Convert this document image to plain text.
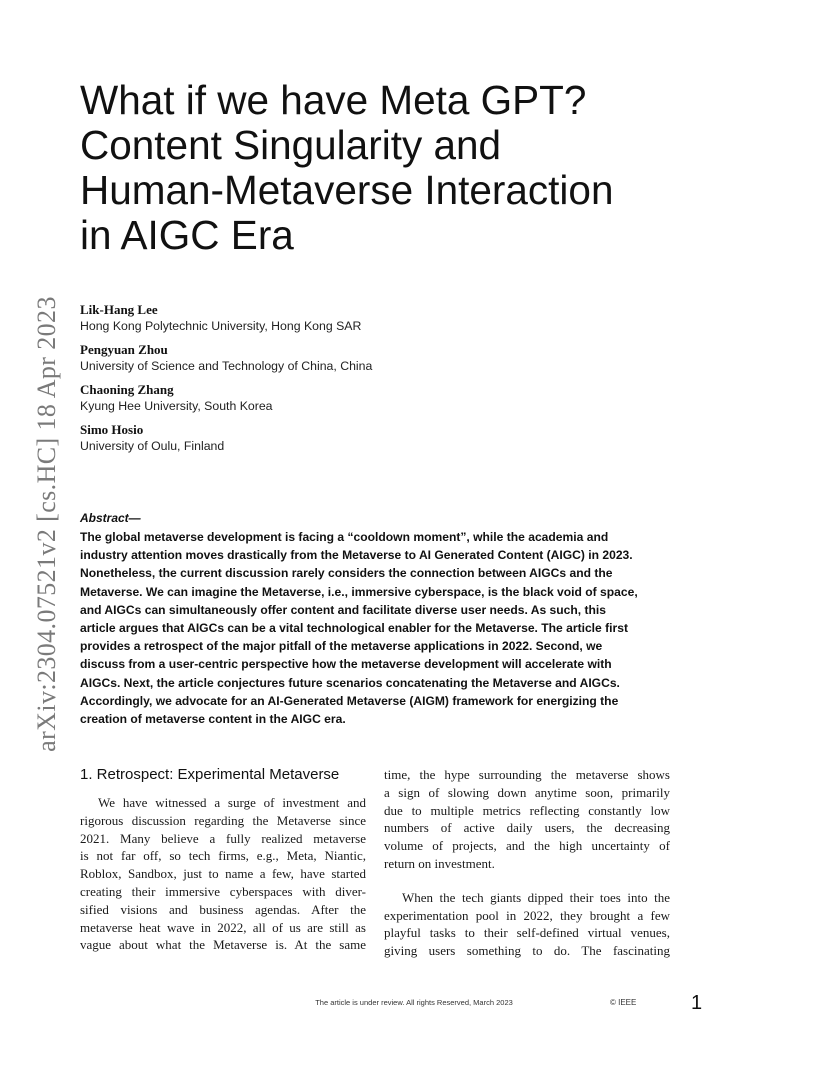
arXiv:2304.07521v2 [cs.HC] 18 Apr 2023
What if we have Meta GPT?
Content Singularity and
Human-Metaverse Interaction
in AIGC Era
Lik-Hang Lee
Hong Kong Polytechnic University, Hong Kong SAR
Pengyuan Zhou
University of Science and Technology of China, China
Chaoning Zhang
Kyung Hee University, South Korea
Simo Hosio
University of Oulu, Finland
Abstract—
The global metaverse development is facing a “cooldown moment”, while the academia and
industry attention moves drastically from the Metaverse to AI Generated Content (AIGC) in 2023.
Nonetheless, the current discussion rarely considers the connection between AIGCs and the
Metaverse. We can imagine the Metaverse, i.e., immersive cyberspace, is the black void of space,
and AIGCs can simultaneously offer content and facilitate diverse user needs. As such, this
article argues that AIGCs can be a vital technological enabler for the Metaverse. The article first
provides a retrospect of the major pitfall of the metaverse applications in 2022. Second, we
discuss from a user-centric perspective how the metaverse development will accelerate with
AIGCs. Next, the article conjectures future scenarios concatenating the Metaverse and AIGCs.
Accordingly, we advocate for an AI-Generated Metaverse (AIGM) framework for energizing the
creation of metaverse content in the AIGC era.
1. Retrospect: Experimental Metaverse
We have witnessed a surge of investment and
rigorous discussion regarding the Metaverse since
2021. Many believe a fully realized metaverse
is not far off, so tech firms, e.g., Meta, Niantic,
Roblox, Sandbox, just to name a few, have started
creating their immersive cyberspaces with diver-
sified visions and business agendas. After the
metaverse heat wave in 2022, all of us are still as
vague about what the Metaverse is. At the same
time, the hype surrounding the metaverse shows
a sign of slowing down anytime soon, primarily
due to multiple metrics reflecting constantly low
numbers of active daily users, the decreasing
volume of projects, and the high uncertainty of
return on investment.
When the tech giants dipped their toes into the
experimentation pool in 2022, they brought a few
playful tasks to their self-defined virtual venues,
giving users something to do. The fascinating
The article is under review. All rights Reserved, March 2023	© IEEE	1
